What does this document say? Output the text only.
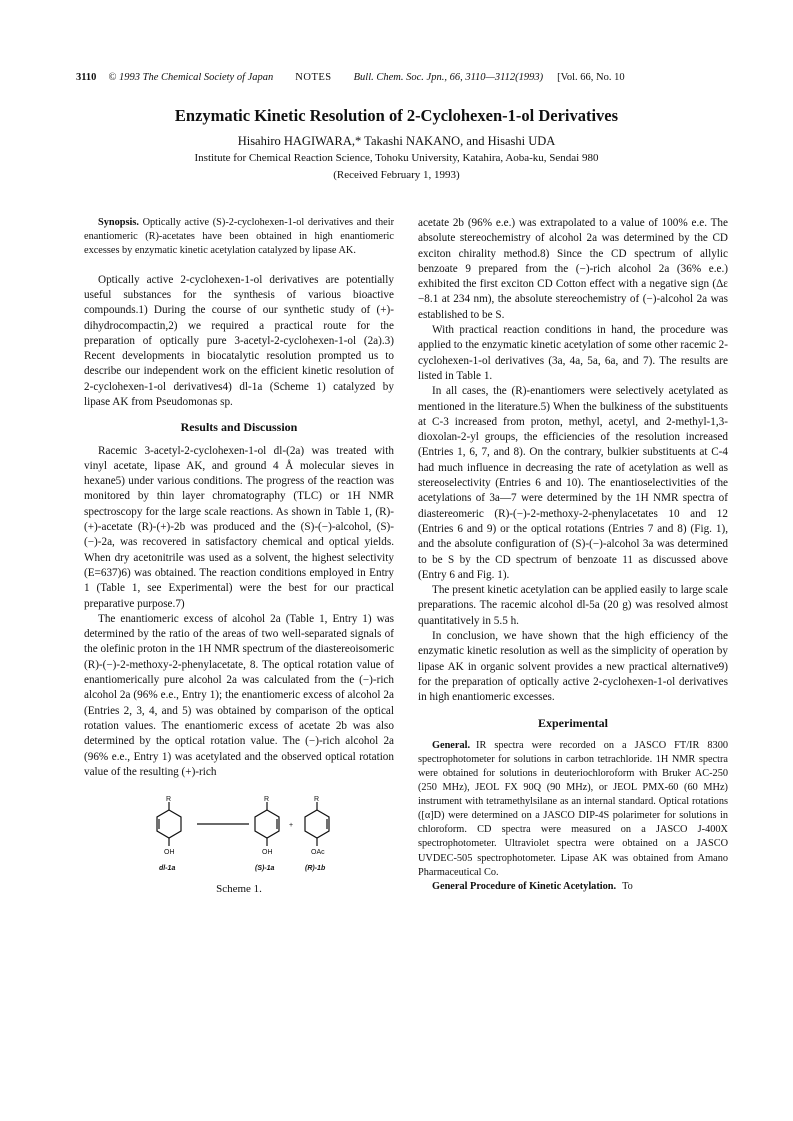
3110 © 1993 The Chemical Society of Japan NOTES Bull. Chem. Soc. Jpn., 66, 3110—3112(1993) [Vol. 66, No. 10
Enzymatic Kinetic Resolution of 2-Cyclohexen-1-ol Derivatives
Hisahiro HAGIWARA,* Takashi NAKANO, and Hisashi UDA
Institute for Chemical Reaction Science, Tohoku University, Katahira, Aoba-ku, Sendai 980
(Received February 1, 1993)

Synopsis. Optically active (S)-2-cyclohexen-1-ol derivatives and their enantiomeric (R)-acetates have been obtained in high enantiomeric excesses by enzymatic kinetic acetylation catalyzed by lipase AK.

Optically active 2-cyclohexen-1-ol derivatives are potentially useful substances for the synthesis of various bioactive compounds.1) During the course of our synthetic study of (+)-dihydrocompactin,2) we required a practical route for the preparation of optically pure 3-acetyl-2-cyclohexen-1-ol (2a).3) Recent developments in biocatalytic resolution prompted us to describe our independent work on the efficient kinetic resolution of 2-cyclohexen-1-ol derivatives4) dl-1a (Scheme 1) catalyzed by lipase AK from Pseudomonas sp.

Results and Discussion

Racemic 3-acetyl-2-cyclohexen-1-ol dl-(2a) was treated with vinyl acetate, lipase AK, and ground 4 Å molecular sieves in hexane5) under various conditions. The progress of the reaction was monitored by thin layer chromatography (TLC) or 1H NMR spectroscopy for the large scale reactions. As shown in Table 1, (R)-(+)-acetate (R)-(+)-2b was produced and the (S)-(−)-alcohol, (S)-(−)-2a, was recovered in satisfactory chemical and optical yields. When dry acetonitrile was used as a solvent, the highest selectivity (E=637)6) was obtained. The reaction conditions employed in Entry 1 (Table 1, see Experimental) were the best for our practical preparative purpose.7)

The enantiomeric excess of alcohol 2a (Table 1, Entry 1) was determined by the ratio of the areas of two well-separated signals of the olefinic proton in the 1H NMR spectrum of the diastereoisomeric (R)-(−)-2-methoxy-2-phenylacetate, 8. The optical rotation value of enantiomerically pure alcohol 2a was calculated from the (−)-rich alcohol 2a (96% e.e., Entry 1); the enantiomeric excess of alcohol 2a (Entries 2, 3, 4, and 5) was obtained by comparison of the optical rotation values. The enantiomeric excess of acetate 2b was also determined by the optical rotation value. The (−)-rich alcohol 2a (96% e.e., Entry 1) was acetylated and the observed optical rotation value of the resulting (+)-rich

R
OH
R
OH
+
R
OAc
dl-1a	(S)-1a	(R)-1b
Scheme 1.

acetate 2b (96% e.e.) was extrapolated to a value of 100% e.e. The absolute stereochemistry of alcohol 2a was determined by the CD exciton chirality method.8) Since the CD spectrum of allylic benzoate 9 prepared from the (−)-rich alcohol 2a (36% e.e.) exhibited the first exciton CD Cotton effect with a negative sign (Δε −8.1 at 234 nm), the absolute stereochemistry of (−)-alcohol 2a was established to be S.

With practical reaction conditions in hand, the procedure was applied to the enzymatic kinetic acetylation of some other racemic 2-cyclohexen-1-ol derivatives (3a, 4a, 5a, 6a, and 7). The results are listed in Table 1.

In all cases, the (R)-enantiomers were selectively acetylated as mentioned in the literature.5) When the bulkiness of the substituents at C-3 increased from proton, methyl, acetyl, and 2-methyl-1,3-dioxolan-2-yl groups, the efficiencies of the resolution increased (Entries 1, 6, 7, and 8). On the contrary, bulkier substituents at C-4 had much influence in decreasing the rate of acetylation as well as stereoselectivity (Entries 6 and 10). The enantioselectivities of the acetylations of 3a—7 were determined by the 1H NMR spectra of diastereomeric (R)-(−)-2-methoxy-2-phenylacetates 10 and 12 (Entries 6 and 9) or the optical rotations (Entries 7 and 8) (Fig. 1), and the absolute configuration of (S)-(−)-alcohol 3a was determined to be S by the CD spectrum of benzoate 11 as discussed above (Entry 6 and Fig. 1).

The present kinetic acetylation can be applied easily to large scale preparations. The racemic alcohol dl-5a (20 g) was resolved almost quantitatively in 5.5 h.

In conclusion, we have shown that the high efficiency of the enzymatic kinetic resolution as well as the simplicity of operation by lipase AK in organic solvent provides a new practical alternative9) for the preparation of optically active 2-cyclohexen-1-ol derivatives in high enantiomeric excesses.

Experimental

General. IR spectra were recorded on a JASCO FT/IR 8300 spectrophotometer for solutions in carbon tetrachloride. 1H NMR spectra were obtained for solutions in deuteriochloroform with Bruker AC-250 (250 MHz), JEOL FX 90Q (90 MHz), or JEOL PMX-60 (60 MHz) instrument with tetramethylsilane as an internal standard. Optical rotations ([α]D) were determined on a JASCO DIP-4S polarimeter for solutions in chloroform. CD spectra were measured on a JASCO J-400X spectrophotometer. Ultraviolet spectra were obtained on a JASCO UVDEC-505 spectrophotometer. Lipase AK was obtained from Amano Pharmaceutical Co.

General Procedure of Kinetic Acetylation. To
